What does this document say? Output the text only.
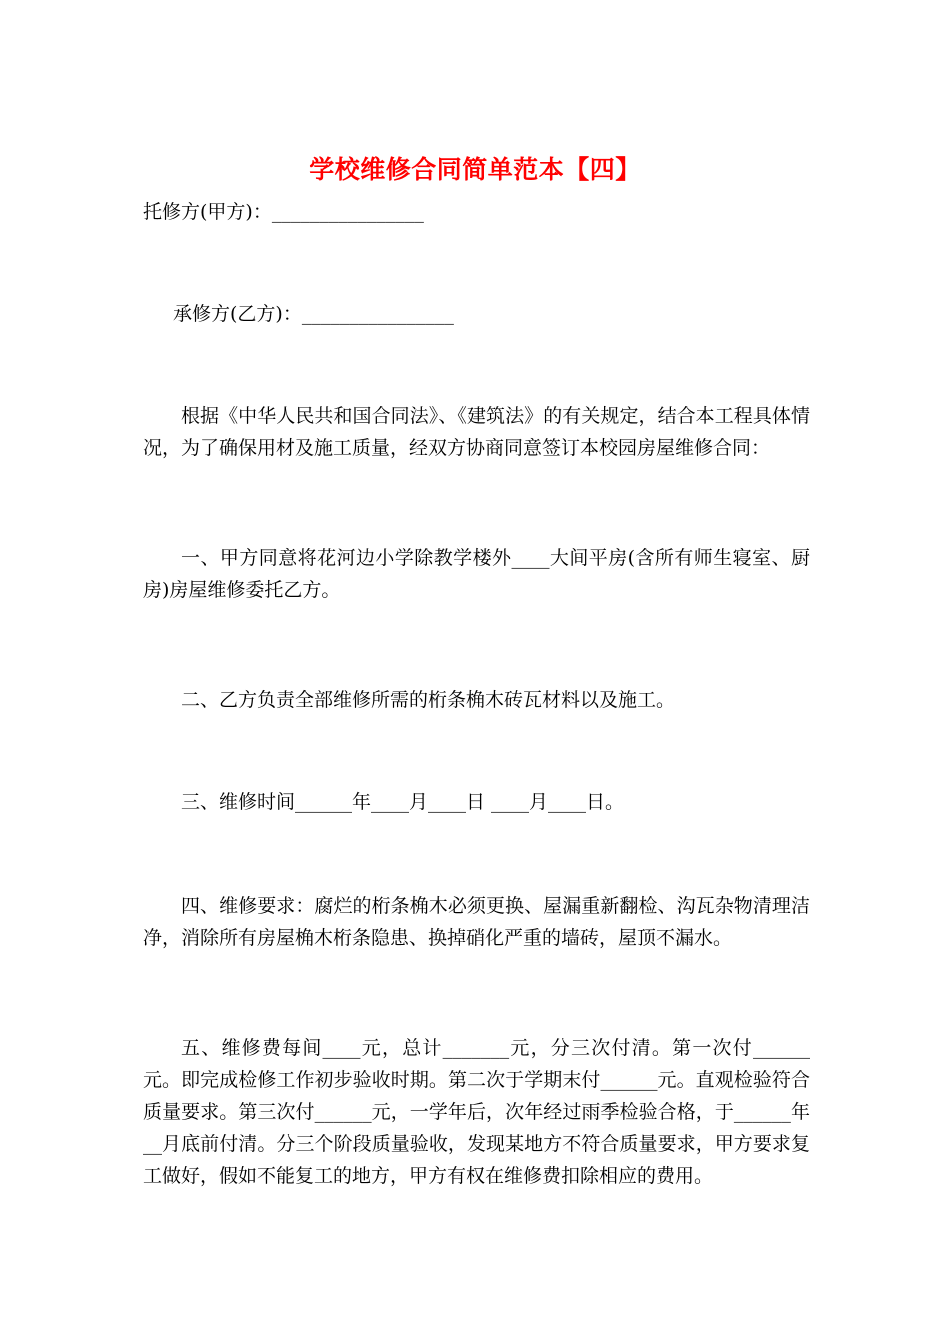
学校维修合同简单范本【四】
托修方(甲方)：________________
承修方(乙方)：________________
根据《中华人民共和国合同法》、《建筑法》的有关规定，结合本工程具体情况，为了确保用材及施工质量，经双方协商同意签订本校园房屋维修合同：
一、甲方同意将花河边小学除教学楼外____大间平房(含所有师生寝室、厨房)房屋维修委托乙方。
二、乙方负责全部维修所需的桁条桷木砖瓦材料以及施工。
三、维修时间______年____月____日 ____月____日。
四、维修要求：腐烂的桁条桷木必须更换、屋漏重新翻检、沟瓦杂物清理洁净，消除所有房屋桷木桁条隐患、换掉硝化严重的墙砖，屋顶不漏水。
五、维修费每间____元，总计_______元，分三次付清。第一次付______元。即完成检修工作初步验收时期。第二次于学期末付______元。直观检验符合质量要求。第三次付______元，一学年后，次年经过雨季检验合格，于______年__月底前付清。分三个阶段质量验收，发现某地方不符合质量要求，甲方要求复工做好，假如不能复工的地方，甲方有权在维修费扣除相应的费用。
